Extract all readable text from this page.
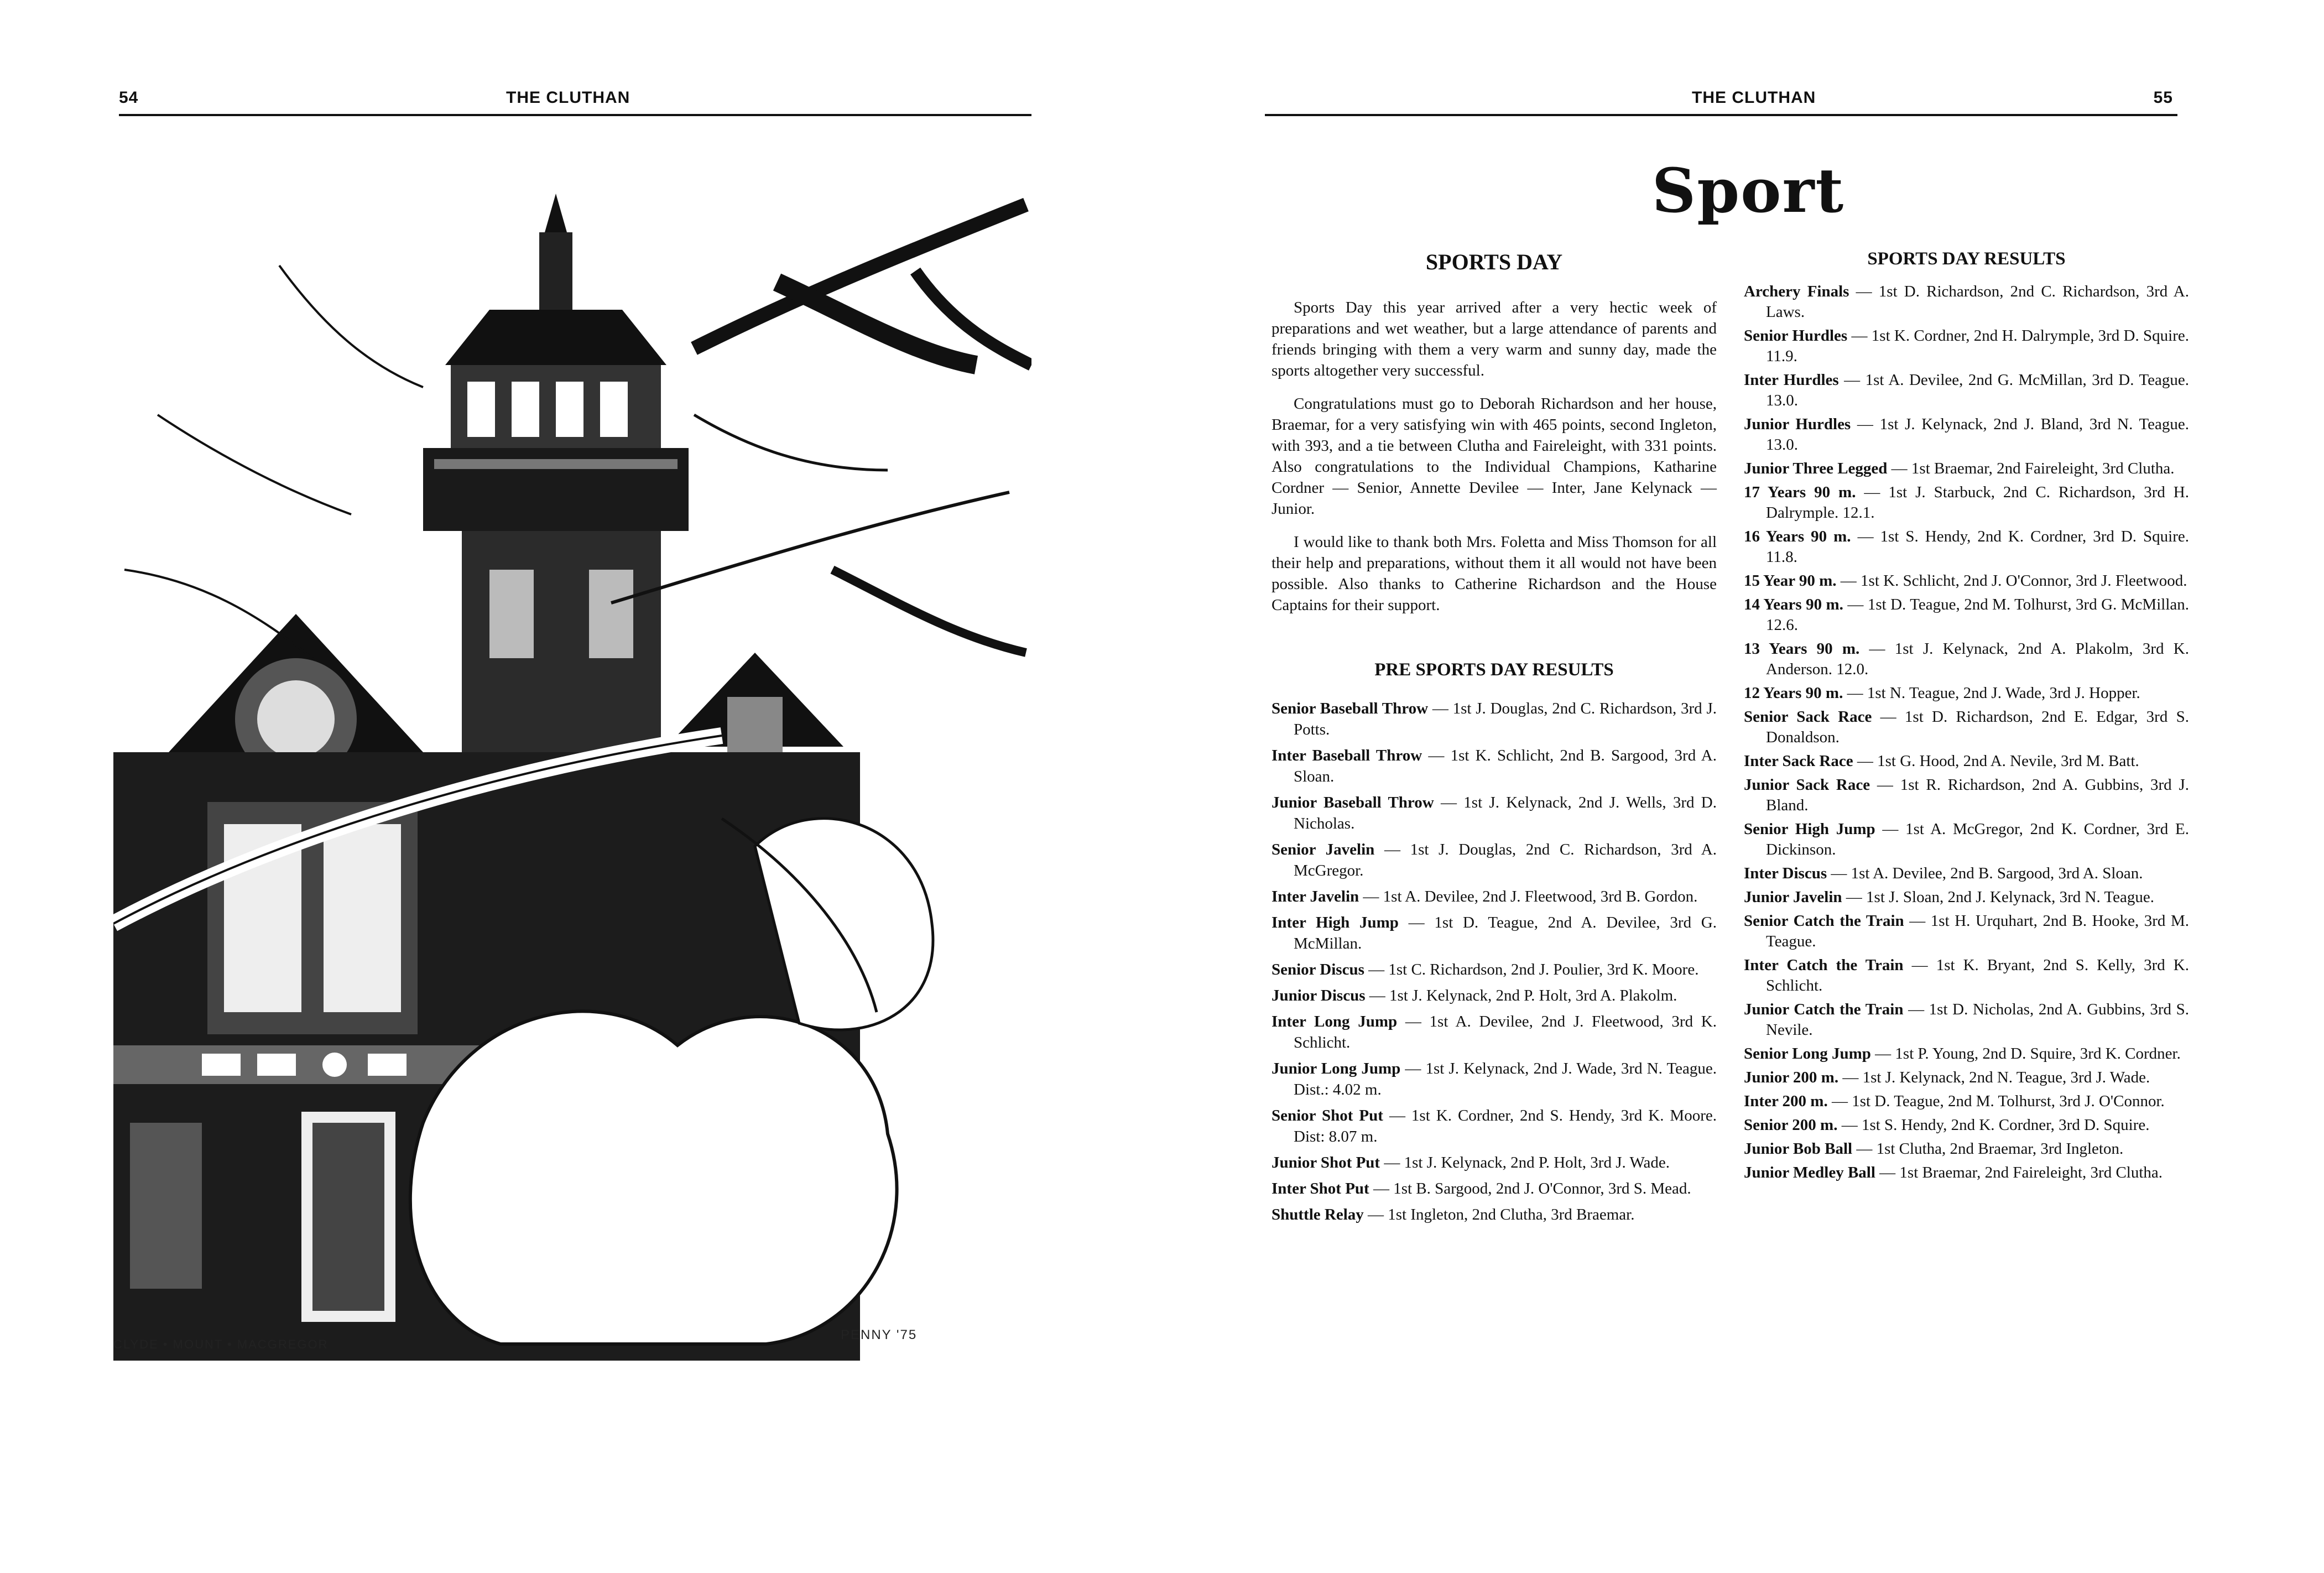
54	THE CLUTHAN
CLYDE • MOUNT • MACGREGOR
PENNY '75
THE CLUTHAN	55
Sport
SPORTS DAY

Sports Day this year arrived after a very hectic week of preparations and wet weather, but a large attendance of parents and friends bringing with them a very warm and sunny day, made the sports altogether very successful.

Congratulations must go to Deborah Richardson and her house, Braemar, for a very satisfying win with 465 points, second Ingleton, with 393, and a tie between Clutha and Faireleight, with 331 points. Also congratulations to the Individual Champions, Katharine Cordner — Senior, Annette Devilee — Inter, Jane Kelynack — Junior.

I would like to thank both Mrs. Foletta and Miss Thomson for all their help and preparations, without them it all would not have been possible. Also thanks to Catherine Richardson and the House Captains for their support.

PRE SPORTS DAY RESULTS

Senior Baseball Throw — 1st J. Douglas, 2nd C. Richardson, 3rd J. Potts.

Inter Baseball Throw — 1st K. Schlicht, 2nd B. Sargood, 3rd A. Sloan.

Junior Baseball Throw — 1st J. Kelynack, 2nd J. Wells, 3rd D. Nicholas.

Senior Javelin — 1st J. Douglas, 2nd C. Richardson, 3rd A. McGregor.

Inter Javelin — 1st A. Devilee, 2nd J. Fleetwood, 3rd B. Gordon.

Inter High Jump — 1st D. Teague, 2nd A. Devilee, 3rd G. McMillan.

Senior Discus — 1st C. Richardson, 2nd J. Poulier, 3rd K. Moore.

Junior Discus — 1st J. Kelynack, 2nd P. Holt, 3rd A. Plakolm.

Inter Long Jump — 1st A. Devilee, 2nd J. Fleetwood, 3rd K. Schlicht.

Junior Long Jump — 1st J. Kelynack, 2nd J. Wade, 3rd N. Teague. Dist.: 4.02 m.

Senior Shot Put — 1st K. Cordner, 2nd S. Hendy, 3rd K. Moore. Dist: 8.07 m.

Junior Shot Put — 1st J. Kelynack, 2nd P. Holt, 3rd J. Wade.

Inter Shot Put — 1st B. Sargood, 2nd J. O'Connor, 3rd S. Mead.

Shuttle Relay — 1st Ingleton, 2nd Clutha, 3rd Braemar.

SPORTS DAY RESULTS

Archery Finals — 1st D. Richardson, 2nd C. Richardson, 3rd A. Laws.

Senior Hurdles — 1st K. Cordner, 2nd H. Dalrymple, 3rd D. Squire. 11.9.

Inter Hurdles — 1st A. Devilee, 2nd G. McMillan, 3rd D. Teague. 13.0.

Junior Hurdles — 1st J. Kelynack, 2nd J. Bland, 3rd N. Teague. 13.0.

Junior Three Legged — 1st Braemar, 2nd Faireleight, 3rd Clutha.

17 Years 90 m. — 1st J. Starbuck, 2nd C. Richardson, 3rd H. Dalrymple. 12.1.

16 Years 90 m. — 1st S. Hendy, 2nd K. Cordner, 3rd D. Squire. 11.8.

15 Year 90 m. — 1st K. Schlicht, 2nd J. O'Connor, 3rd J. Fleetwood.

14 Years 90 m. — 1st D. Teague, 2nd M. Tolhurst, 3rd G. McMillan. 12.6.

13 Years 90 m. — 1st J. Kelynack, 2nd A. Plakolm, 3rd K. Anderson. 12.0.

12 Years 90 m. — 1st N. Teague, 2nd J. Wade, 3rd J. Hopper.

Senior Sack Race — 1st D. Richardson, 2nd E. Edgar, 3rd S. Donaldson.

Inter Sack Race — 1st G. Hood, 2nd A. Nevile, 3rd M. Batt.

Junior Sack Race — 1st R. Richardson, 2nd A. Gubbins, 3rd J. Bland.

Senior High Jump — 1st A. McGregor, 2nd K. Cordner, 3rd E. Dickinson.

Inter Discus — 1st A. Devilee, 2nd B. Sargood, 3rd A. Sloan.

Junior Javelin — 1st J. Sloan, 2nd J. Kelynack, 3rd N. Teague.

Senior Catch the Train — 1st H. Urquhart, 2nd B. Hooke, 3rd M. Teague.

Inter Catch the Train — 1st K. Bryant, 2nd S. Kelly, 3rd K. Schlicht.

Junior Catch the Train — 1st D. Nicholas, 2nd A. Gubbins, 3rd S. Nevile.

Senior Long Jump — 1st P. Young, 2nd D. Squire, 3rd K. Cordner.

Junior 200 m. — 1st J. Kelynack, 2nd N. Teague, 3rd J. Wade.

Inter 200 m. — 1st D. Teague, 2nd M. Tolhurst, 3rd J. O'Connor.

Senior 200 m. — 1st S. Hendy, 2nd K. Cordner, 3rd D. Squire.

Junior Bob Ball — 1st Clutha, 2nd Braemar, 3rd Ingleton.

Junior Medley Ball — 1st Braemar, 2nd Faireleight, 3rd Clutha.
